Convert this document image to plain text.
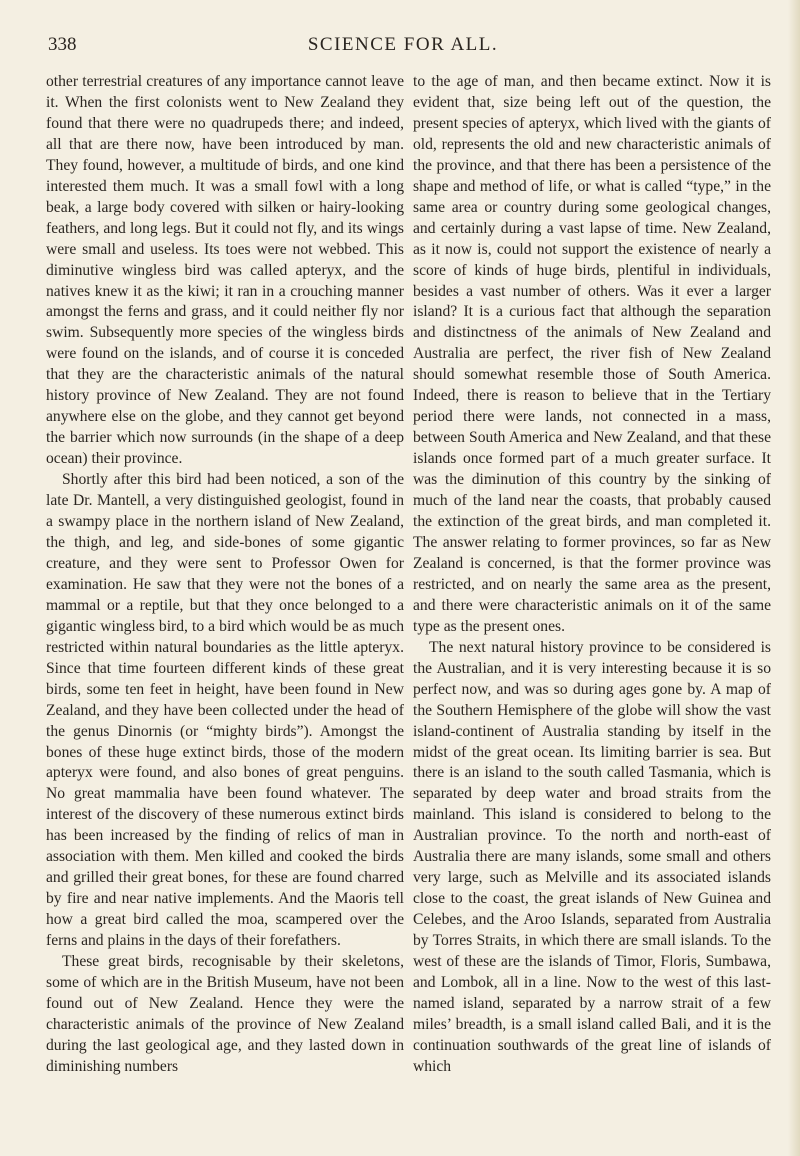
338	SCIENCE FOR ALL.

other terrestrial creatures of any importance cannot leave it. When the first colonists went to New Zealand they found that there were no quadrupeds there; and indeed, all that are there now, have been introduced by man. They found, however, a multitude of birds, and one kind interested them much. It was a small fowl with a long beak, a large body covered with silken or hairy-looking feathers, and long legs. But it could not fly, and its wings were small and useless. Its toes were not webbed. This diminutive wingless bird was called apteryx, and the natives knew it as the kiwi; it ran in a crouching manner amongst the ferns and grass, and it could neither fly nor swim. Subsequently more species of the wingless birds were found on the islands, and of course it is conceded that they are the characteristic animals of the natural history province of New Zealand. They are not found anywhere else on the globe, and they cannot get beyond the barrier which now surrounds (in the shape of a deep ocean) their province.

Shortly after this bird had been noticed, a son of the late Dr. Mantell, a very distinguished geologist, found in a swampy place in the northern island of New Zealand, the thigh, and leg, and side-bones of some gigantic creature, and they were sent to Professor Owen for examination. He saw that they were not the bones of a mammal or a reptile, but that they once belonged to a gigantic wingless bird, to a bird which would be as much restricted within natural boundaries as the little apteryx. Since that time fourteen different kinds of these great birds, some ten feet in height, have been found in New Zealand, and they have been collected under the head of the genus Dinornis (or “mighty birds”). Amongst the bones of these huge extinct birds, those of the modern apteryx were found, and also bones of great penguins. No great mammalia have been found whatever. The interest of the discovery of these numerous extinct birds has been increased by the finding of relics of man in association with them. Men killed and cooked the birds and grilled their great bones, for these are found charred by fire and near native implements. And the Maoris tell how a great bird called the moa, scampered over the ferns and plains in the days of their forefathers.

These great birds, recognisable by their skeletons, some of which are in the British Museum, have not been found out of New Zealand. Hence they were the characteristic animals of the province of New Zealand during the last geological age, and they lasted down in diminishing numbers

to the age of man, and then became extinct. Now it is evident that, size being left out of the question, the present species of apteryx, which lived with the giants of old, represents the old and new characteristic animals of the province, and that there has been a persistence of the shape and method of life, or what is called “type,” in the same area or country during some geological changes, and certainly during a vast lapse of time. New Zealand, as it now is, could not support the existence of nearly a score of kinds of huge birds, plentiful in individuals, besides a vast number of others. Was it ever a larger island? It is a curious fact that although the separation and distinctness of the animals of New Zealand and Australia are perfect, the river fish of New Zealand should somewhat resemble those of South America. Indeed, there is reason to believe that in the Tertiary period there were lands, not connected in a mass, between South America and New Zealand, and that these islands once formed part of a much greater surface. It was the diminution of this country by the sinking of much of the land near the coasts, that probably caused the extinction of the great birds, and man completed it. The answer relating to former provinces, so far as New Zealand is concerned, is that the former province was restricted, and on nearly the same area as the present, and there were characteristic animals on it of the same type as the present ones.

The next natural history province to be considered is the Australian, and it is very interesting because it is so perfect now, and was so during ages gone by. A map of the Southern Hemisphere of the globe will show the vast island-continent of Australia standing by itself in the midst of the great ocean. Its limiting barrier is sea. But there is an island to the south called Tasmania, which is separated by deep water and broad straits from the mainland. This island is considered to belong to the Australian province. To the north and north-east of Australia there are many islands, some small and others very large, such as Melville and its associated islands close to the coast, the great islands of New Guinea and Celebes, and the Aroo Islands, separated from Australia by Torres Straits, in which there are small islands. To the west of these are the islands of Timor, Floris, Sumbawa, and Lombok, all in a line. Now to the west of this last-named island, separated by a narrow strait of a few miles’ breadth, is a small island called Bali, and it is the continuation southwards of the great line of islands of which
